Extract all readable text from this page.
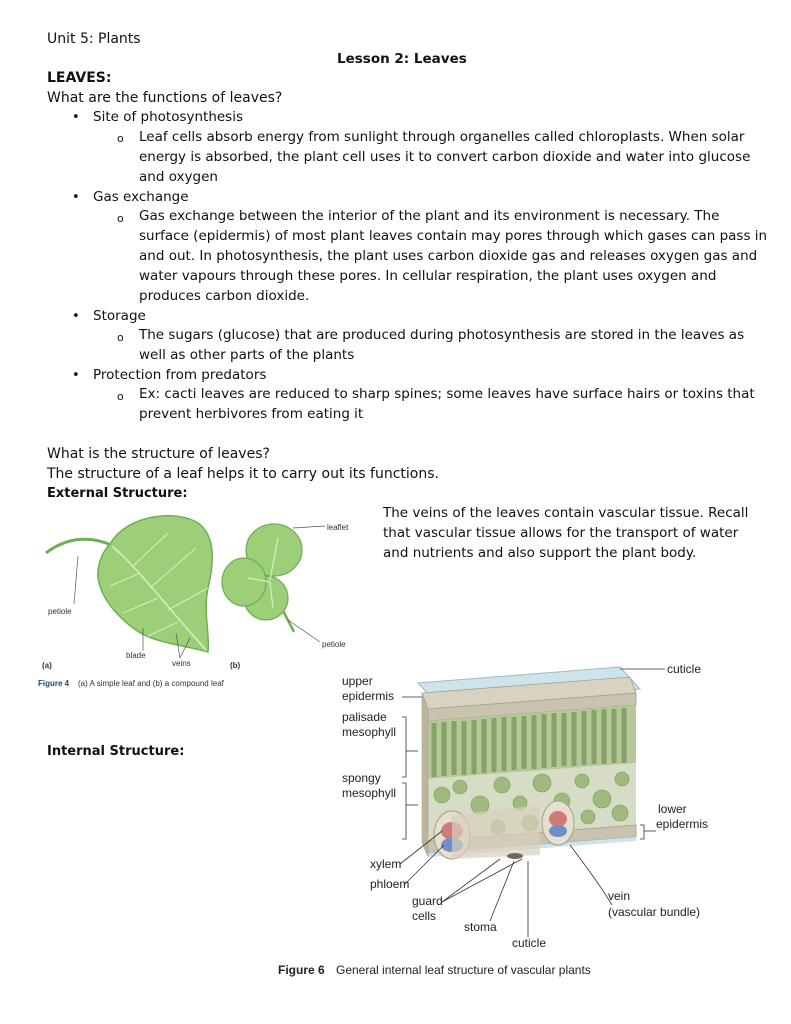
Unit 5: Plants
Lesson 2: Leaves
LEAVES:
What are the functions of leaves?
• Site of photosynthesis
o Leaf cells absorb energy from sunlight through organelles called chloroplasts. When solar
energy is absorbed, the plant cell uses it to convert carbon dioxide and water into glucose
and oxygen
• Gas exchange
o Gas exchange between the interior of the plant and its environment is necessary. The
surface (epidermis) of most plant leaves contain may pores through which gases can pass in
and out. In photosynthesis, the plant uses carbon dioxide gas and releases oxygen gas and
water vapours through these pores. In cellular respiration, the plant uses oxygen and
produces carbon dioxide.
• Storage
o The sugars (glucose) that are produced during photosynthesis are stored in the leaves as
well as other parts of the plants
• Protection from predators
o Ex: cacti leaves are reduced to sharp spines; some leaves have surface hairs or toxins that
prevent herbivores from eating it
What is the structure of leaves?
The structure of a leaf helps it to carry out its functions.
External Structure:
The veins of the leaves contain vascular tissue. Recall
that vascular tissue allows for the transport of water
and nutrients and also support the plant body.
Internal Structure:
petiole
blade
veins
(a)
leaflet
petiole
(b)
Figure 4 (a) A simple leaf and (b) a compound leaf
cuticle
upper
epidermis
palisade
mesophyll
spongy
mesophyll
lower
epidermis
xylem
phloem
guard
cells
stoma
cuticle
vein
(vascular bundle)
Figure 6 General internal leaf structure of vascular plants
